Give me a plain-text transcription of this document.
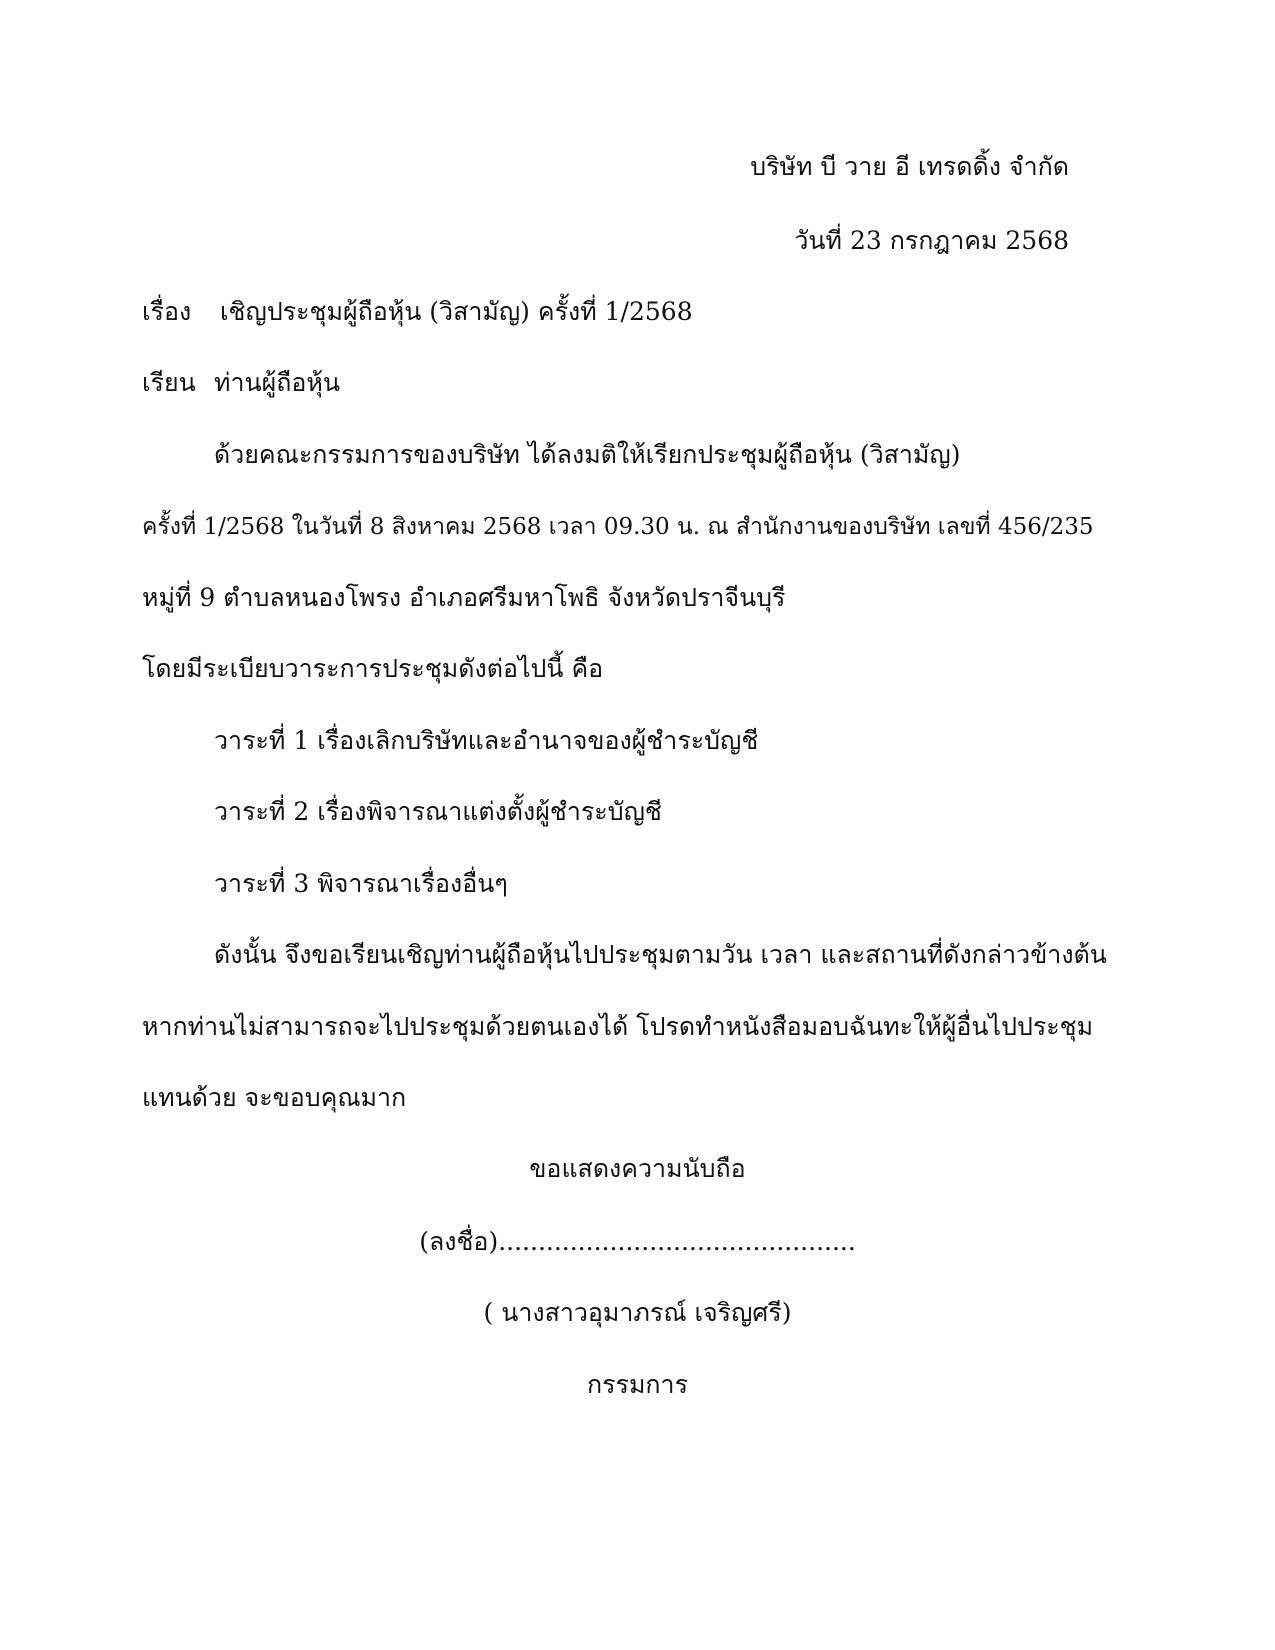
บริษัท บี วาย อี เทรดดิ้ง จำกัด
วันที่ 23 กรกฎาคม 2568
เรื่อง เชิญประชุมผู้ถือหุ้น (วิสามัญ) ครั้งที่ 1/2568
เรียน ท่านผู้ถือหุ้น
ด้วยคณะกรรมการของบริษัท ได้ลงมติให้เรียกประชุมผู้ถือหุ้น (วิสามัญ)
ครั้งที่ 1/2568 ในวันที่ 8 สิงหาคม 2568 เวลา 09.30 น. ณ สำนักงานของบริษัท เลขที่ 456/235
หมู่ที่ 9 ตำบลหนองโพรง อำเภอศรีมหาโพธิ จังหวัดปราจีนบุรี
โดยมีระเบียบวาระการประชุมดังต่อไปนี้ คือ
วาระที่ 1 เรื่องเลิกบริษัทและอำนาจของผู้ชำระบัญชี
วาระที่ 2 เรื่องพิจารณาแต่งตั้งผู้ชำระบัญชี
วาระที่ 3 พิจารณาเรื่องอื่นๆ
ดังนั้น จึงขอเรียนเชิญท่านผู้ถือหุ้นไปประชุมตามวัน เวลา และสถานที่ดังกล่าวข้างต้น
หากท่านไม่สามารถจะไปประชุมด้วยตนเองได้ โปรดทำหนังสือมอบฉันทะให้ผู้อื่นไปประชุม
แทนด้วย จะขอบคุณมาก
ขอแสดงความนับถือ
(ลงชื่อ).............................................
( นางสาวอุมาภรณ์ เจริญศรี)
กรรมการ
